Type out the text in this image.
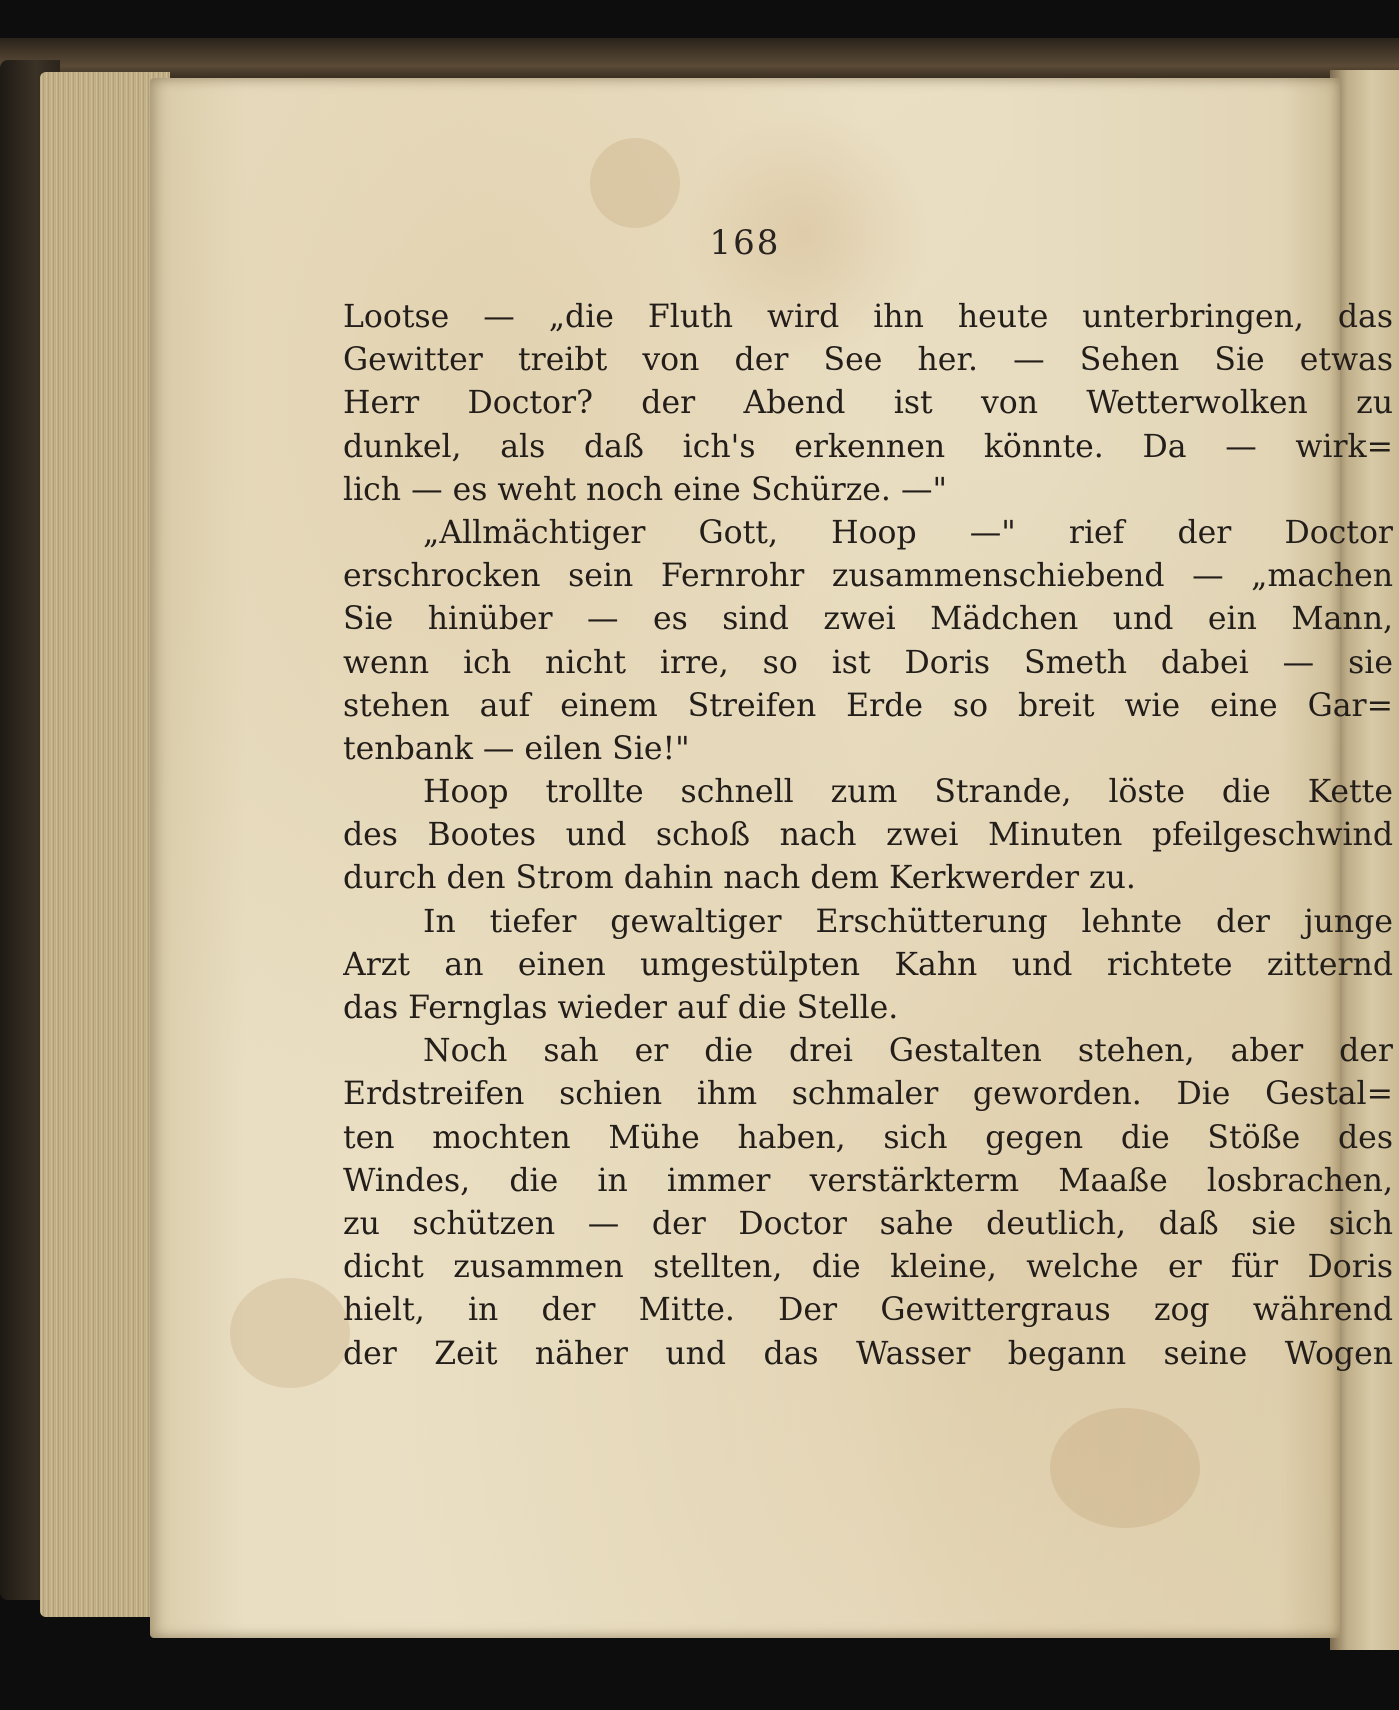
168
Lootse — „die Fluth wird ihn heute unterbringen, das
Gewitter treibt von der See her. — Sehen Sie etwas
Herr Doctor? der Abend ist von Wetterwolken zu
dunkel, als daß ich's erkennen könnte. Da — wirk=
lich — es weht noch eine Schürze. —"
„Allmächtiger Gott, Hoop —" rief der Doctor
erschrocken sein Fernrohr zusammenschiebend — „machen
Sie hinüber — es sind zwei Mädchen und ein Mann,
wenn ich nicht irre, so ist Doris Smeth dabei — sie
stehen auf einem Streifen Erde so breit wie eine Gar=
tenbank — eilen Sie!"
Hoop trollte schnell zum Strande, löste die Kette
des Bootes und schoß nach zwei Minuten pfeilgeschwind
durch den Strom dahin nach dem Kerkwerder zu.
In tiefer gewaltiger Erschütterung lehnte der junge
Arzt an einen umgestülpten Kahn und richtete zitternd
das Fernglas wieder auf die Stelle.
Noch sah er die drei Gestalten stehen, aber der
Erdstreifen schien ihm schmaler geworden. Die Gestal=
ten mochten Mühe haben, sich gegen die Stöße des
Windes, die in immer verstärkterm Maaße losbrachen,
zu schützen — der Doctor sahe deutlich, daß sie sich
dicht zusammen stellten, die kleine, welche er für Doris
hielt, in der Mitte. Der Gewittergraus zog während
der Zeit näher und das Wasser begann seine Wogen
